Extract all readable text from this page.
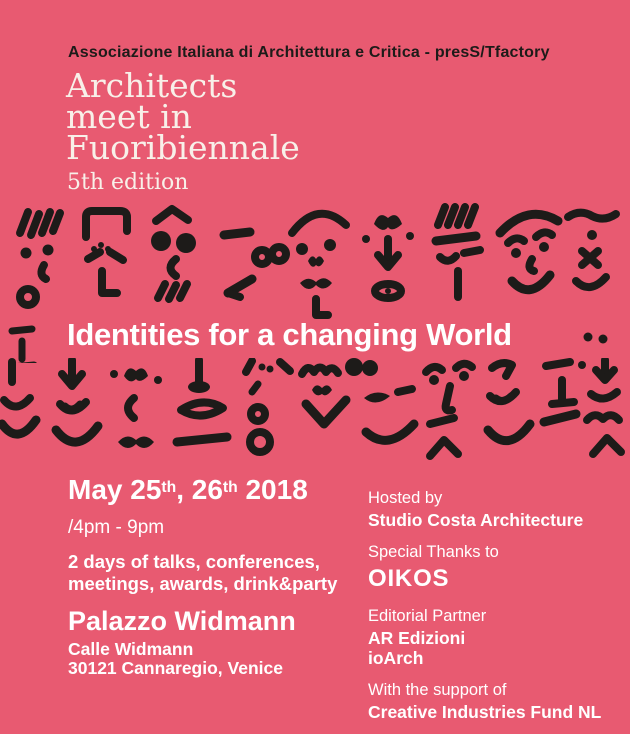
Associazione Italiana di Architettura e Critica - presS/Tfactory
Architects
meet in
Fuoribiennale
5th edition
Identities for a changing World
May 25th, 26th 2018
/4pm - 9pm
2 days of talks, conferences,
meetings, awards, drink&party
Palazzo Widmann
Calle Widmann
30121 Cannaregio, Venice
Hosted by
Studio Costa Architecture
Special Thanks to
OIKOS
Editorial Partner
AR Edizioni
ioArch
With the support of
Creative Industries Fund NL
